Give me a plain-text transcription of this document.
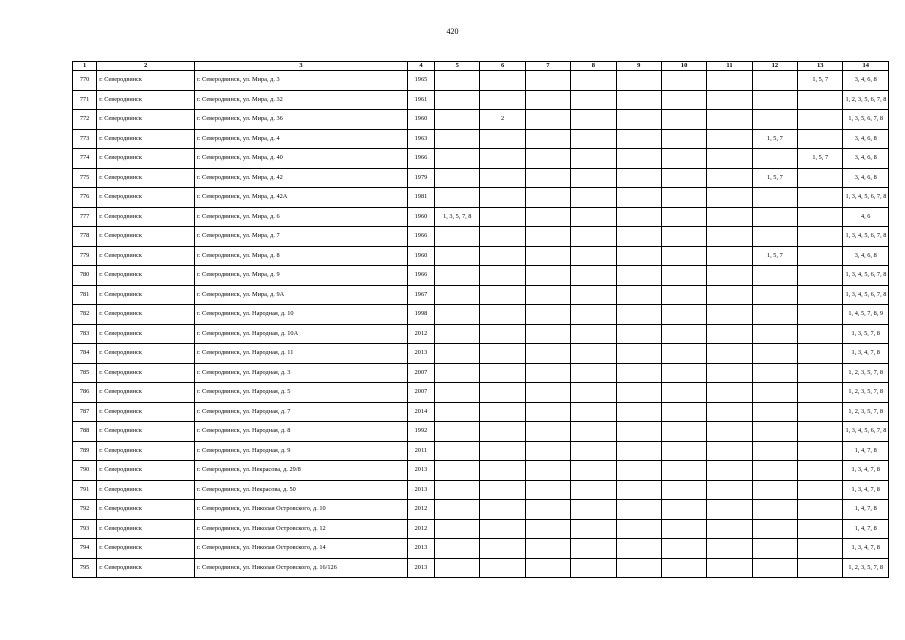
420
1	2	3	4	5	6	7	8	9	10	11	12	13	14
770	г. Северодвинск	г. Северодвинск, ул. Мира, д. 3	1965									1, 5, 7	3, 4, 6, 8
771	г. Северодвинск	г. Северодвинск, ул. Мира, д. 32	1961										1, 2, 3, 5, 6, 7, 8
772	г. Северодвинск	г. Северодвинск, ул. Мира, д. 36	1960		2								1, 3, 5, 6, 7, 8
773	г. Северодвинск	г. Северодвинск, ул. Мира, д. 4	1963								1, 5, 7		3, 4, 6, 8
774	г. Северодвинск	г. Северодвинск, ул. Мира, д. 40	1966									1, 5, 7	3, 4, 6, 8
775	г. Северодвинск	г. Северодвинск, ул. Мира, д. 42	1979								1, 5, 7		3, 4, 6, 8
776	г. Северодвинск	г. Северодвинск, ул. Мира, д. 42А	1981										1, 3, 4, 5, 6, 7, 8
777	г. Северодвинск	г. Северодвинск, ул. Мира, д. 6	1960	1, 3, 5, 7, 8									4, 6
778	г. Северодвинск	г. Северодвинск, ул. Мира, д. 7	1966										1, 3, 4, 5, 6, 7, 8
779	г. Северодвинск	г. Северодвинск, ул. Мира, д. 8	1960								1, 5, 7		3, 4, 6, 8
780	г. Северодвинск	г. Северодвинск, ул. Мира, д. 9	1966										1, 3, 4, 5, 6, 7, 8
781	г. Северодвинск	г. Северодвинск, ул. Мира, д. 9А	1967										1, 3, 4, 5, 6, 7, 8
782	г. Северодвинск	г. Северодвинск, ул. Народная, д. 10	1998										1, 4, 5, 7, 8, 9
783	г. Северодвинск	г. Северодвинск, ул. Народная, д. 10А	2012										1, 3, 5, 7, 8
784	г. Северодвинск	г. Северодвинск, ул. Народная, д. 11	2013										1, 3, 4, 7, 8
785	г. Северодвинск	г. Северодвинск, ул. Народная, д. 3	2007										1, 2, 3, 5, 7, 8
786	г. Северодвинск	г. Северодвинск, ул. Народная, д. 5	2007										1, 2, 3, 5, 7, 8
787	г. Северодвинск	г. Северодвинск, ул. Народная, д. 7	2014										1, 2, 3, 5, 7, 8
788	г. Северодвинск	г. Северодвинск, ул. Народная, д. 8	1992										1, 3, 4, 5, 6, 7, 8
789	г. Северодвинск	г. Северодвинск, ул. Народная, д. 9	2011										1, 4, 7, 8
790	г. Северодвинск	г. Северодвинск, ул. Некрасова, д. 29/8	2013										1, 3, 4, 7, 8
791	г. Северодвинск	г. Северодвинск, ул. Некрасова, д. 50	2013										1, 3, 4, 7, 8
792	г. Северодвинск	г. Северодвинск, ул. Николая Островского, д. 10	2012										1, 4, 7, 8
793	г. Северодвинск	г. Северодвинск, ул. Николая Островского, д. 12	2012										1, 4, 7, 8
794	г. Северодвинск	г. Северодвинск, ул. Николая Островского, д. 14	2013										1, 3, 4, 7, 8
795	г. Северодвинск	г. Северодвинск, ул. Николая Островского, д. 16/126	2013										1, 2, 3, 5, 7, 8
